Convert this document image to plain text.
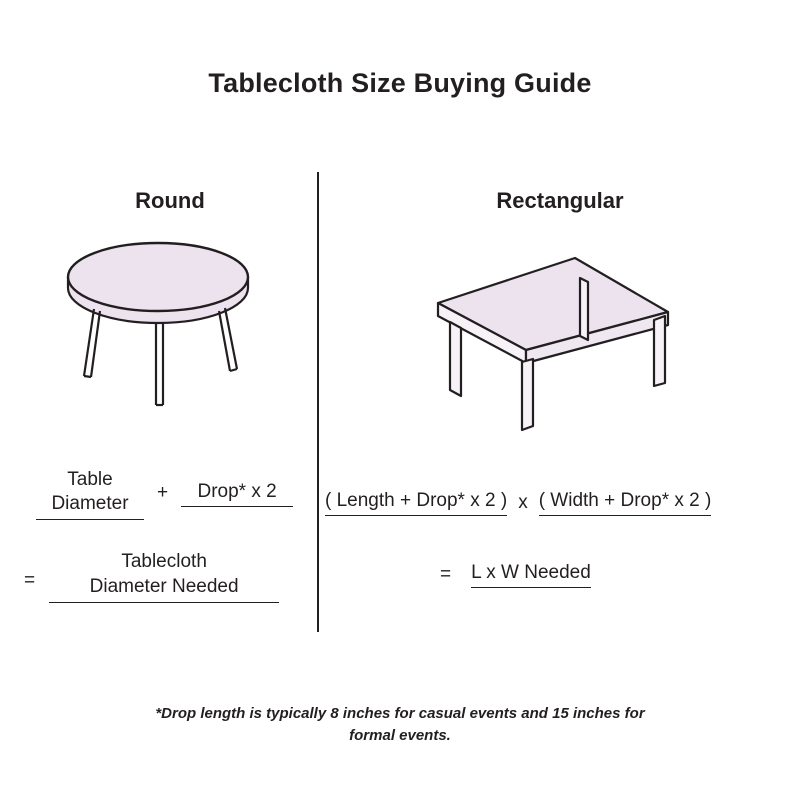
Tablecloth Size Buying Guide
Round
Table
Diameter
+	Drop* x 2
=
Tablecloth
Diameter Needed
Rectangular
( Length + Drop* x 2 ) x ( Width + Drop* x 2 )
= L x W Needed
*Drop length is typically 8 inches for casual events and 15 inches for formal events.
